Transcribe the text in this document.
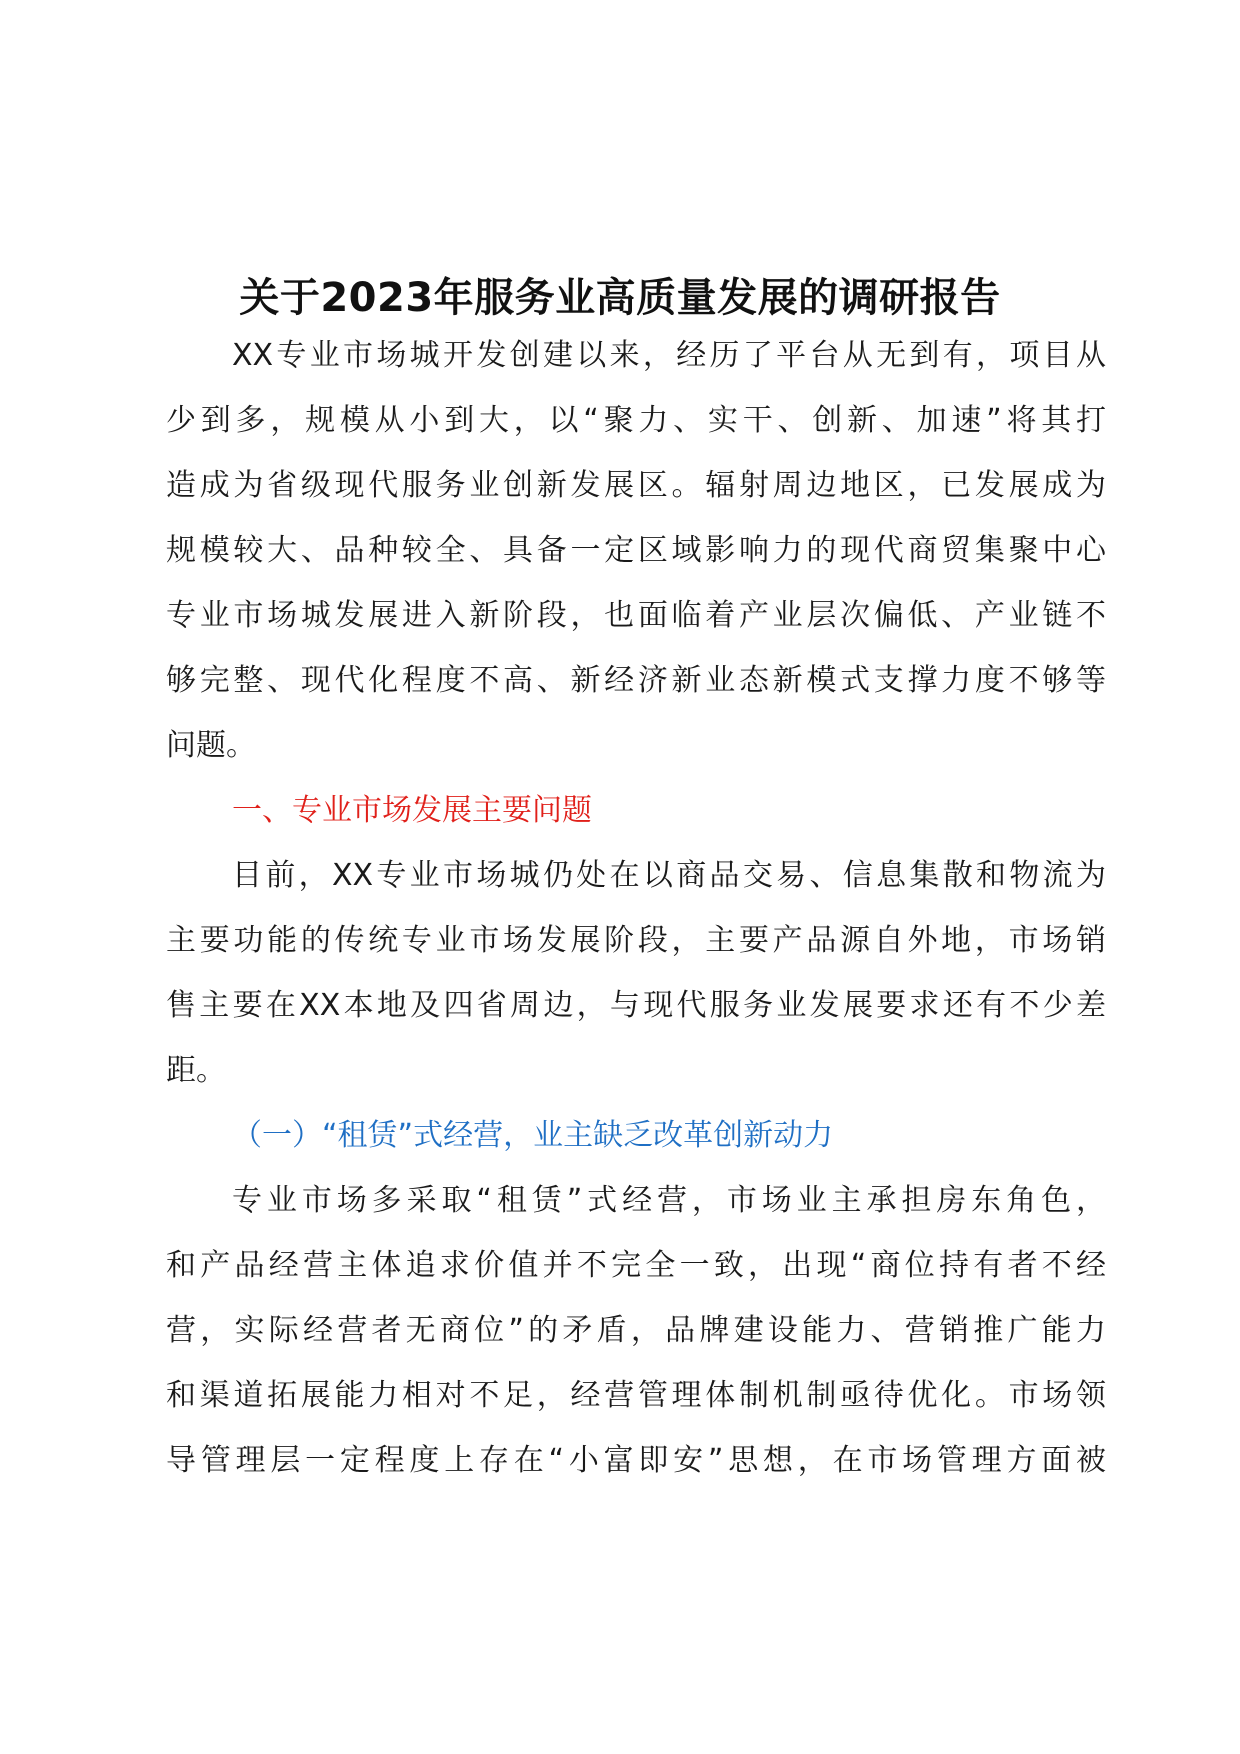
关于2023年服务业高质量发展的调研报告
XX专业市场城开发创建以来，经历了平台从无到有，项目从
少到多，规模从小到大，以“聚力、实干、创新、加速”将其打
造成为省级现代服务业创新发展区。辐射周边地区，已发展成为
规模较大、品种较全、具备一定区域影响力的现代商贸集聚中心
专业市场城发展进入新阶段，也面临着产业层次偏低、产业链不
够完整、现代化程度不高、新经济新业态新模式支撑力度不够等
问题。
一、专业市场发展主要问题
目前，XX专业市场城仍处在以商品交易、信息集散和物流为
主要功能的传统专业市场发展阶段，主要产品源自外地，市场销
售主要在XX本地及四省周边，与现代服务业发展要求还有不少差
距。
（一）“租赁”式经营，业主缺乏改革创新动力
专业市场多采取“租赁”式经营，市场业主承担房东角色，
和产品经营主体追求价值并不完全一致，出现“商位持有者不经
营，实际经营者无商位”的矛盾，品牌建设能力、营销推广能力
和渠道拓展能力相对不足，经营管理体制机制亟待优化。市场领
导管理层一定程度上存在“小富即安”思想，在市场管理方面被
